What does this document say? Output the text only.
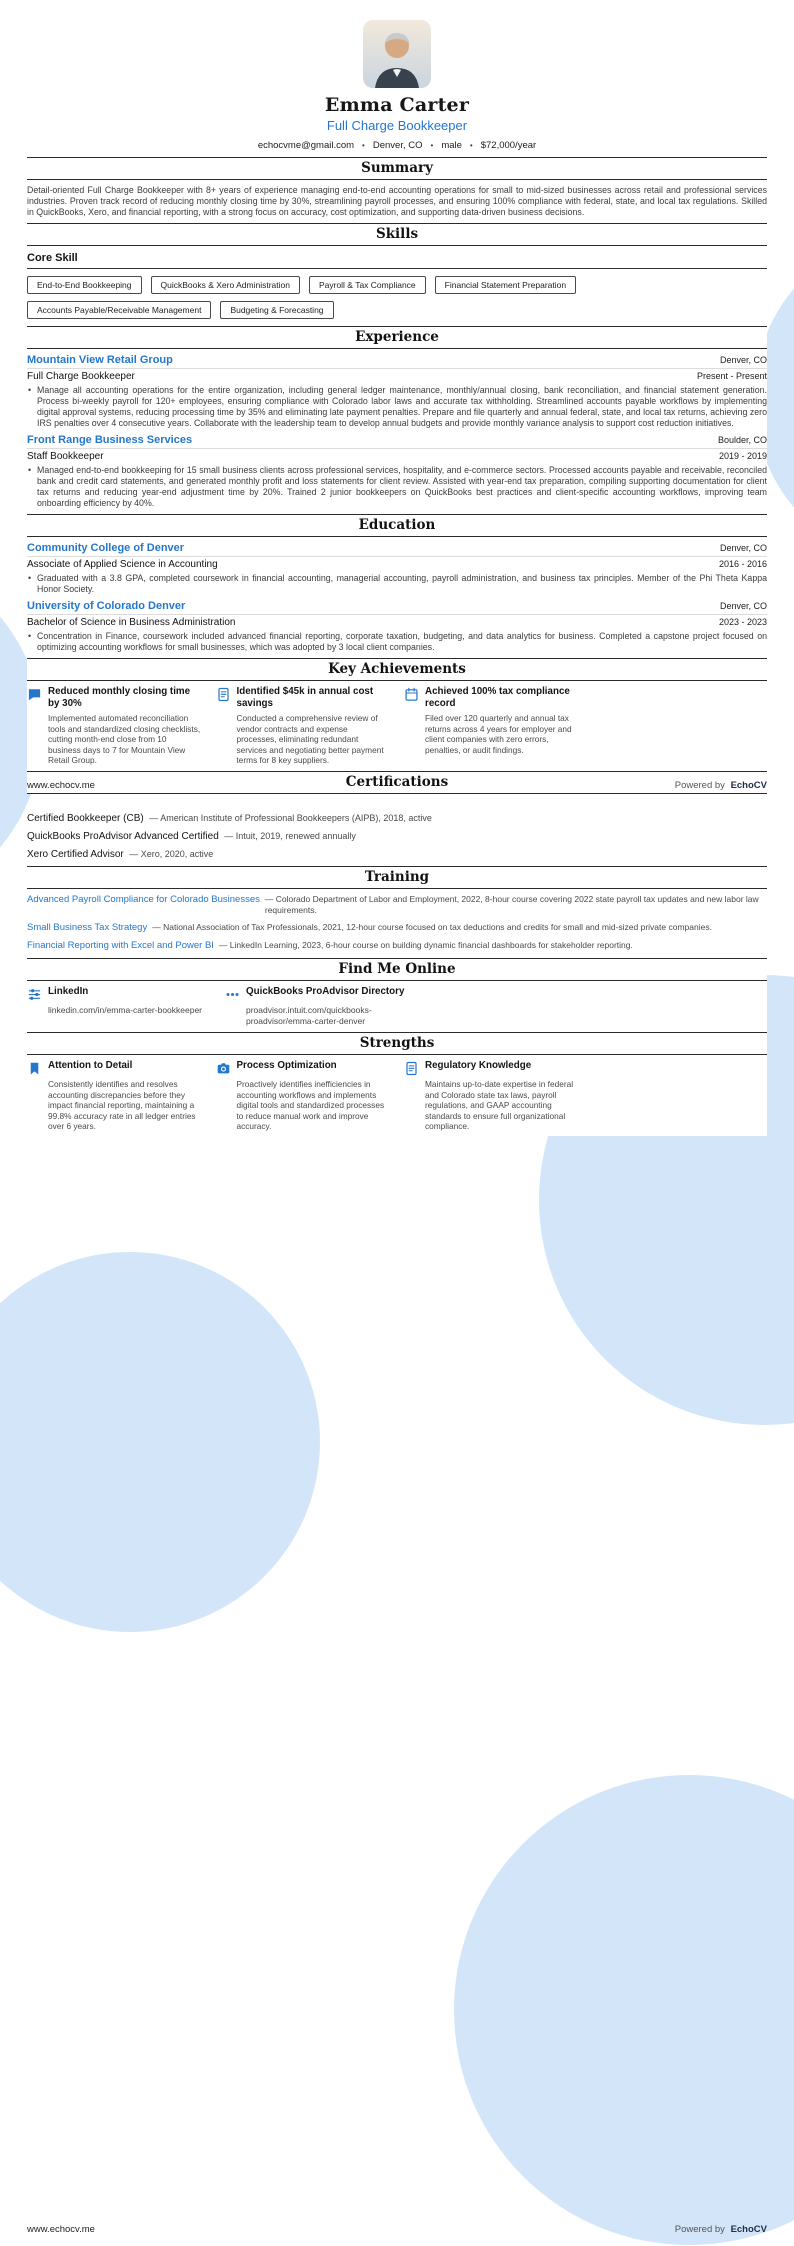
Emma Carter
Full Charge Bookkeeper
echocvme@gmail.com • Denver, CO • male • $72,000/year
Summary

Detail-oriented Full Charge Bookkeeper with 8+ years of experience managing end-to-end accounting operations for small to mid-sized businesses across retail and professional services industries. Proven track record of reducing monthly closing time by 30%, streamlining payroll processes, and ensuring 100% compliance with federal, state, and local tax regulations. Skilled in QuickBooks, Xero, and financial reporting, with a strong focus on accuracy, cost optimization, and supporting data-driven business decisions.

Skills
Core Skill
End-to-End Bookkeeping	QuickBooks & Xero Administration	Payroll & Tax Compliance	Financial Statement Preparation
Accounts Payable/Receivable Management	Budgeting & Forecasting
Experience
Mountain View Retail Group	Denver, CO
Full Charge Bookkeeper	Present - Present

• Manage all accounting operations for the entire organization, including general ledger maintenance, monthly/annual closing, bank reconciliation, and financial statement generation. Process bi-weekly payroll for 120+ employees, ensuring compliance with Colorado labor laws and accurate tax withholding. Streamlined accounts payable workflows by implementing digital approval systems, reducing processing time by 35% and eliminating late payment penalties. Prepare and file quarterly and annual federal, state, and local tax returns, achieving zero IRS penalties over 4 consecutive years. Collaborate with the leadership team to develop annual budgets and provide monthly variance analysis to support cost reduction initiatives.

Front Range Business Services	Boulder, CO
Staff Bookkeeper	2019 - 2019

• Managed end-to-end bookkeeping for 15 small business clients across professional services, hospitality, and e-commerce sectors. Processed accounts payable and receivable, reconciled bank and credit card statements, and generated monthly profit and loss statements for client review. Assisted with year-end tax preparation, compiling supporting documentation for client tax returns and reducing year-end adjustment time by 20%. Trained 2 junior bookkeepers on QuickBooks best practices and client-specific accounting workflows, improving team onboarding efficiency by 40%.

Education
Community College of Denver	Denver, CO
Associate of Applied Science in Accounting	2016 - 2016

• Graduated with a 3.8 GPA, completed coursework in financial accounting, managerial accounting, payroll administration, and business tax principles. Member of the Phi Theta Kappa Honor Society.

University of Colorado Denver	Denver, CO
Bachelor of Science in Business Administration	2023 - 2023

• Concentration in Finance, coursework included advanced financial reporting, corporate taxation, budgeting, and data analytics for business. Completed a capstone project focused on optimizing accounting workflows for small businesses, which was adopted by 3 local client companies.

Key Achievements
Reduced monthly closing time by 30%

Implemented automated reconciliation tools and standardized closing checklists, cutting month-end close from 10 business days to 7 for Mountain View Retail Group.

Identified $45k in annual cost savings

Conducted a comprehensive review of vendor contracts and expense processes, eliminating redundant services and negotiating better payment terms for 8 key suppliers.

Achieved 100% tax compliance record

Filed over 120 quarterly and annual tax returns across 4 years for employer and client companies with zero errors, penalties, or audit findings.

Certifications
www.echocv.me	Powered by EchoCV
Certified Bookkeeper (CB) — American Institute of Professional Bookkeepers (AIPB), 2018, active
QuickBooks ProAdvisor Advanced Certified — Intuit, 2019, renewed annually
Xero Certified Advisor — Xero, 2020, active
Training
Advanced Payroll Compliance for Colorado Businesses — Colorado Department of Labor and Employment, 2022, 8-hour course covering 2022 state payroll tax updates and new labor law requirements.
Small Business Tax Strategy — National Association of Tax Professionals, 2021, 12-hour course focused on tax deductions and credits for small and mid-sized private companies.
Financial Reporting with Excel and Power BI — LinkedIn Learning, 2023, 6-hour course on building dynamic financial dashboards for stakeholder reporting.
Find Me Online
LinkedIn

linkedin.com/in/emma-carter-bookkeeper

QuickBooks ProAdvisor Directory

proadvisor.intuit.com/quickbooks-proadvisor/emma-carter-denver

Strengths
Attention to Detail

Consistently identifies and resolves accounting discrepancies before they impact financial reporting, maintaining a 99.8% accuracy rate in all ledger entries over 6 years.

Process Optimization

Proactively identifies inefficiencies in accounting workflows and implements digital tools and standardized processes to reduce manual work and improve accuracy.

Regulatory Knowledge

Maintains up-to-date expertise in federal and Colorado state tax laws, payroll regulations, and GAAP accounting standards to ensure full organizational compliance.

www.echocv.me	Powered by EchoCV
